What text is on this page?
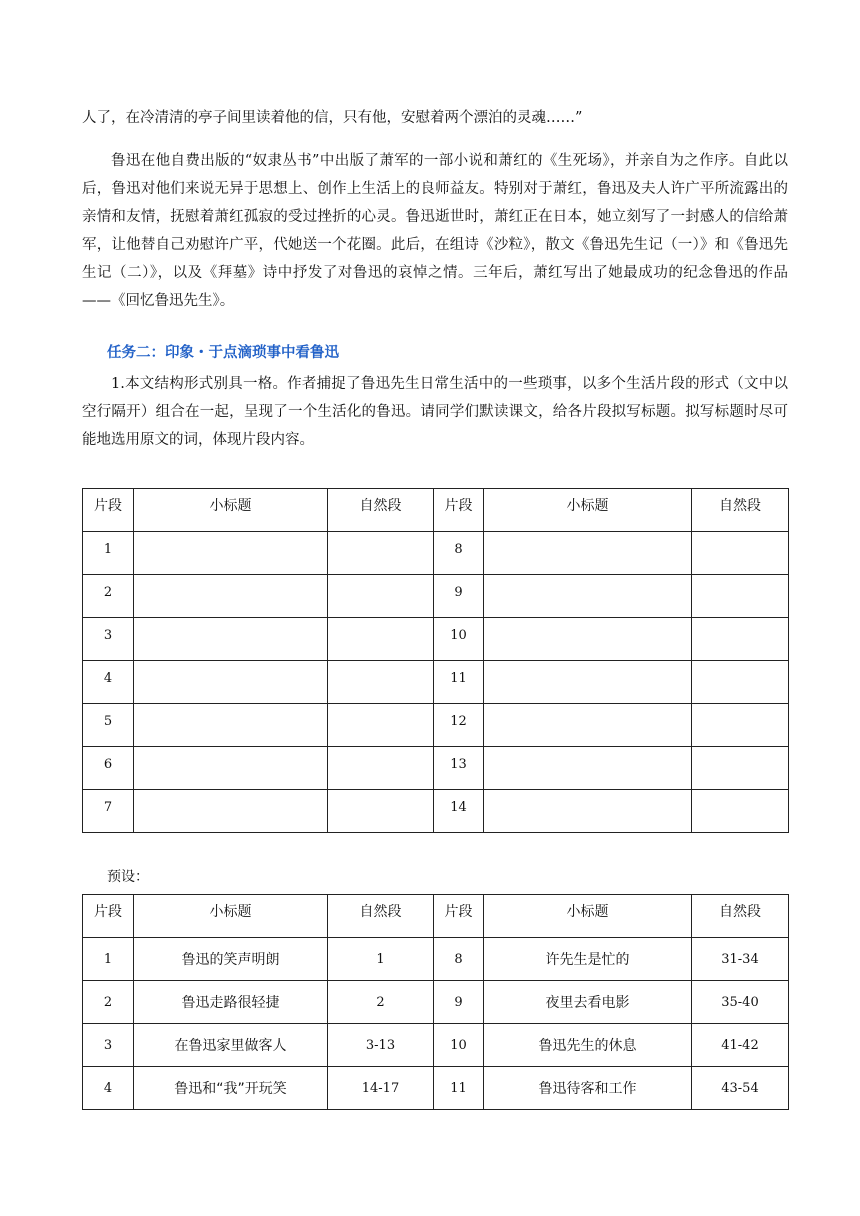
人了，在冷清清的亭子间里读着他的信，只有他，安慰着两个漂泊的灵魂……”

鲁迅在他自费出版的“奴隶丛书”中出版了萧军的一部小说和萧红的《生死场》，并亲自为之作序。自此以后，鲁迅对他们来说无异于思想上、创作上生活上的良师益友。特别对于萧红，鲁迅及夫人许广平所流露出的亲情和友情，抚慰着萧红孤寂的受过挫折的心灵。鲁迅逝世时，萧红正在日本，她立刻写了一封感人的信给萧军，让他替自己劝慰许广平，代她送一个花圈。此后，在组诗《沙粒》，散文《鲁迅先生记（一）》和《鲁迅先生记（二）》，以及《拜墓》诗中抒发了对鲁迅的哀悼之情。三年后，萧红写出了她最成功的纪念鲁迅的作品——《回忆鲁迅先生》。

任务二：印象・于点滴琐事中看鲁迅

1.本文结构形式别具一格。作者捕捉了鲁迅先生日常生活中的一些琐事，以多个生活片段的形式（文中以空行隔开）组合在一起，呈现了一个生活化的鲁迅。请同学们默读课文，给各片段拟写标题。拟写标题时尽可能地选用原文的词，体现片段内容。

片段	小标题	自然段	片段	小标题	自然段
1			8		
2			9		
3			10		
4			11		
5			12		
6			13		
7			14		

预设：

片段	小标题	自然段	片段	小标题	自然段
1	鲁迅的笑声明朗	1	8	许先生是忙的	31-34
2	鲁迅走路很轻捷	2	9	夜里去看电影	35-40
3	在鲁迅家里做客人	3-13	10	鲁迅先生的休息	41-42
4	鲁迅和“我”开玩笑	14-17	11	鲁迅待客和工作	43-54
